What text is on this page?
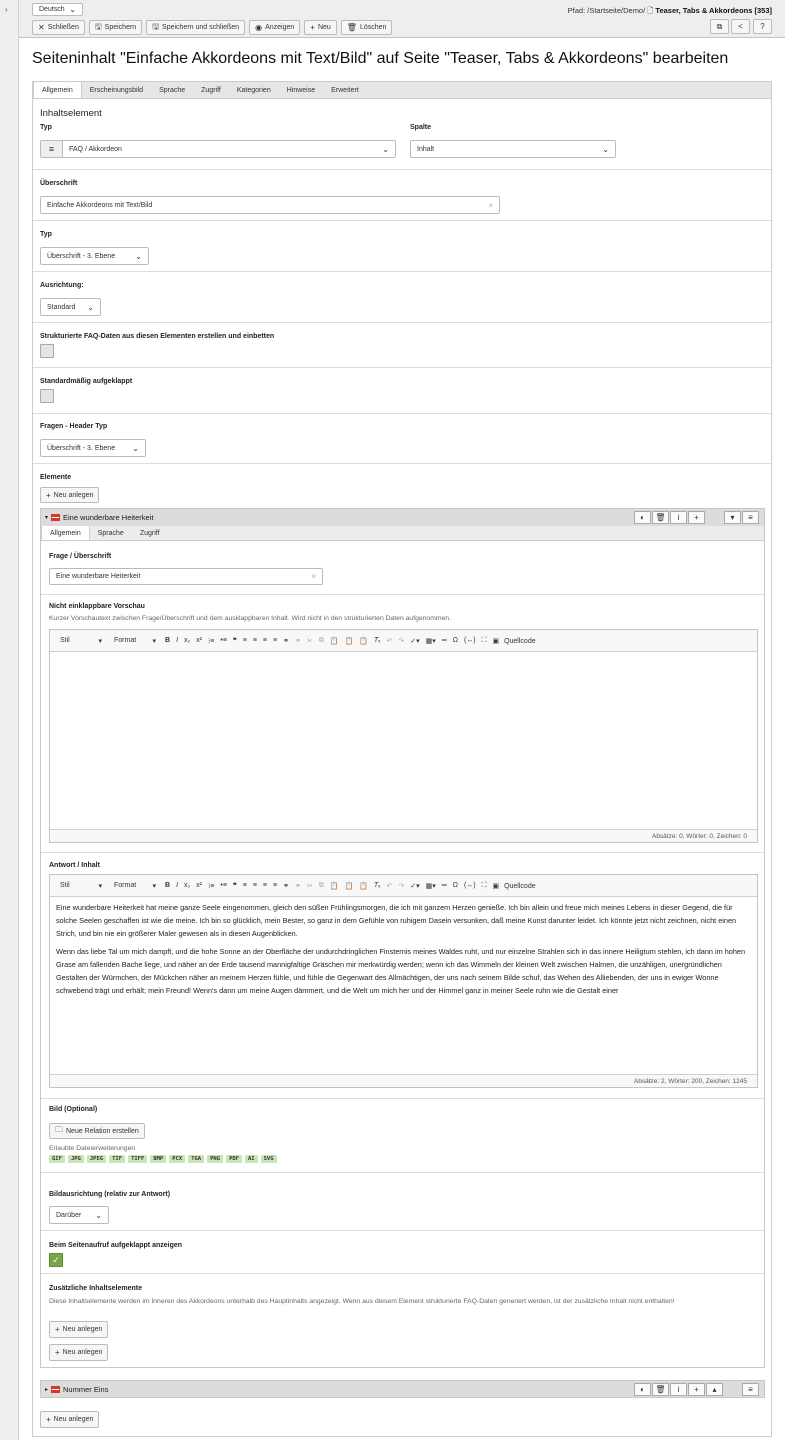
›	Deutsch ⌄
✕ Schließen 🖫 Speichern 🖫 Speichern und schließen ◉ Anzeigen + Neu 🗑 Löschen
Pfad: /Startseite/Demo/ 🗋 Teaser, Tabs & Akkordeons [353]
⧉	<	?
Seiteninhalt "Einfache Akkordeons mit Text/Bild" auf Seite "Teaser, Tabs & Akkordeons" bearbeiten
Allgemein	Erscheinungsbild	Sprache	Zugriff	Kategorien	Hinweise	Erweitert
Inhaltselement
Typ
≡	FAQ / Akkordeon	⌄
Spalte
Inhalt	⌄
Überschrift
Einfache Akkordeons mit Text/Bild	×
Typ
Überschrift - 3. Ebene	⌄
Ausrichtung:
Standard ⌄
Strukturierte FAQ-Daten aus diesen Elementen erstellen und einbetten
Standardmäßig aufgeklappt
Fragen - Header Typ
Überschrift - 3. Ebene ⌄
Elemente
+ Neu anlegen
▾ Eine wunderbare Heiterkeit	◐	🗑	i	+	▾	≡
Allgemein	Sprache	Zugriff
Frage / Überschrift
Eine wunderbare Heiterkeit	×
Nicht einklappbare Vorschau
Kurzer Vorschautext zwischen Frage/Überschrift und dem ausklappbaren Inhalt. Wird nicht in den strukturierten Daten aufgenommen.
Stil	▾	Format ▾ B I x₂ x² ⁝≡ •≡ ❞ ≡ ≡ ≡ ≡ ⚭ ⚭ ✂ ⧉ 📋 📋 📋 Tₓ ↶ ↷ ✓▾ ▦▾ ═ Ω (↔) ⛶ ▣ Quellcode
Absätze: 0, Wörter: 0, Zeichen: 0
Antwort / Inhalt
Stil	▾	Format ▾ B I x₂ x² ⁝≡ •≡ ❞ ≡ ≡ ≡ ≡ ⚭ ⚭ ✂ ⧉ 📋 📋 📋 Tₓ ↶ ↷ ✓▾ ▦▾ ═ Ω (↔) ⛶ ▣ Quellcode

Eine wunderbare Heiterkeit hat meine ganze Seele eingenommen, gleich den süßen Frühlingsmorgen, die ich mit ganzem Herzen genieße. Ich bin allein und freue mich meines Lebens in dieser Gegend, die für solche Seelen geschaffen ist wie die meine. Ich bin so glücklich, mein Bester, so ganz in dem Gefühle von ruhigem Dasein versunken, daß meine Kunst darunter leidet. Ich könnte jetzt nicht zeichnen, nicht einen Strich, und bin nie ein größerer Maler gewesen als in diesen Augenblicken.

Wenn das liebe Tal um mich dampft, und die hohe Sonne an der Oberfläche der undurchdringlichen Finsternis meines Waldes ruht, und nur einzelne Strahlen sich in das innere Heiligtum stehlen, ich dann im hohen Grase am fallenden Bache liege, und näher an der Erde tausend mannigfaltige Gräschen mir merkwürdig werden; wenn ich das Wimmeln der kleinen Welt zwischen Halmen, die unzähligen, unergründlichen Gestalten der Würmchen, der Mückchen näher an meinem Herzen fühle, und fühle die Gegenwart des Allmächtigen, der uns nach seinem Bilde schuf, das Wehen des Alliebenden, der uns in ewiger Wonne schwebend trägt und erhält; mein Freund! Wenn's dann um meine Augen dämmert, und die Welt um mich her und der Himmel ganz in meiner Seele ruhn wie die Gestalt einer

Absätze: 2, Wörter: 200, Zeichen: 1245
Bild (Optional)
🗀 Neue Relation erstellen
Erlaubte Dateierweiterungen
GIF	JPG	JPEG	TIF	TIFF	BMP	PCX	TGA	PNG	PDF	AI	SVG
Bildausrichtung (relativ zur Antwort)
Darüber ⌄
Beim Seitenaufruf aufgeklappt anzeigen
✓
Zusätzliche Inhaltselemente
Diese Inhaltselemente werden im Inneren des Akkordeons unterhalb des Hauptinhalts angezeigt. Wenn aus diesem Element strukturierte FAQ-Daten generiert werden, ist der zusätzliche Inhalt nicht enthalten!
+ Neu anlegen
+ Neu anlegen
▸ Nummer Eins	◐	🗑	i	+	▴	≡
+ Neu anlegen
